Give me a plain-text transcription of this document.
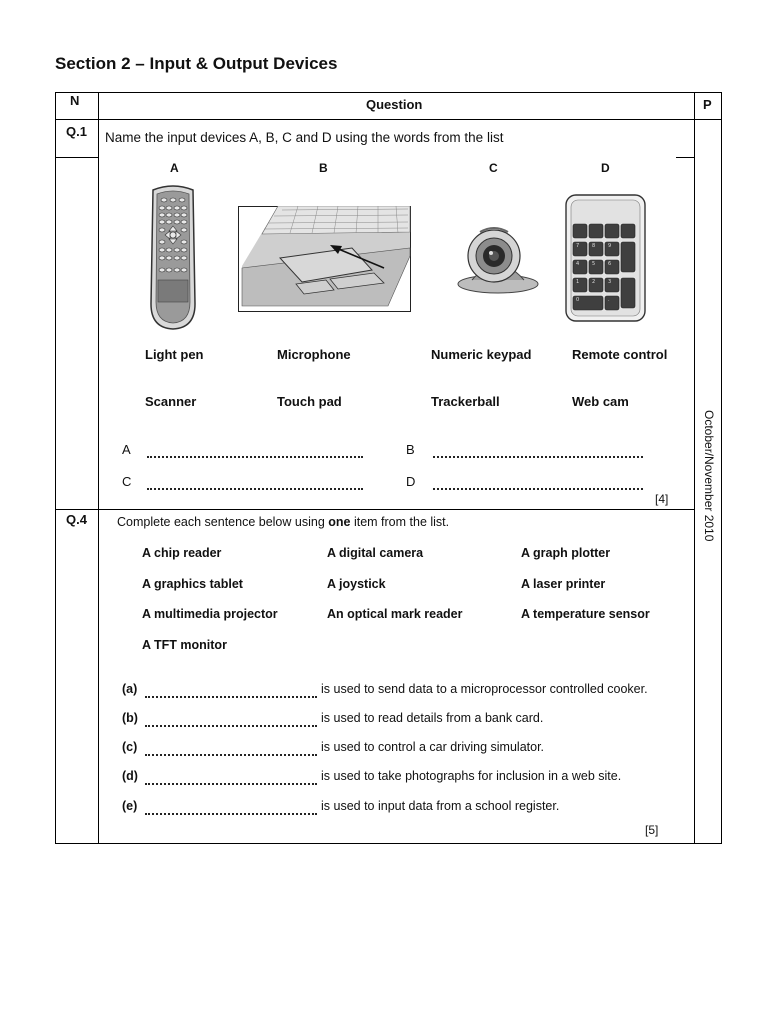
Section 2 – Input & Output Devices
N	Question	P
October/November 2010
Q.1 Name the input devices A, B, C and D using the words from the list
A	B	C	D
7	8	9
4	5	6
1	2	3
0	.
Light pen	Microphone	Numeric keypad	Remote control
Scanner	Touch pad	Trackerball	Web cam
A	B
C	D
[4]
Q.4 Complete each sentence below using one item from the list.
A chip reader	A digital camera	A graph plotter
A graphics tablet	A joystick	A laser printer
A multimedia projector	An optical mark reader	A temperature sensor
A TFT monitor
(a)	is used to send data to a microprocessor controlled cooker.
(b)	is used to read details from a bank card.
(c)	is used to control a car driving simulator.
(d)	is used to take photographs for inclusion in a web site.
(e)	is used to input data from a school register.
[5]
